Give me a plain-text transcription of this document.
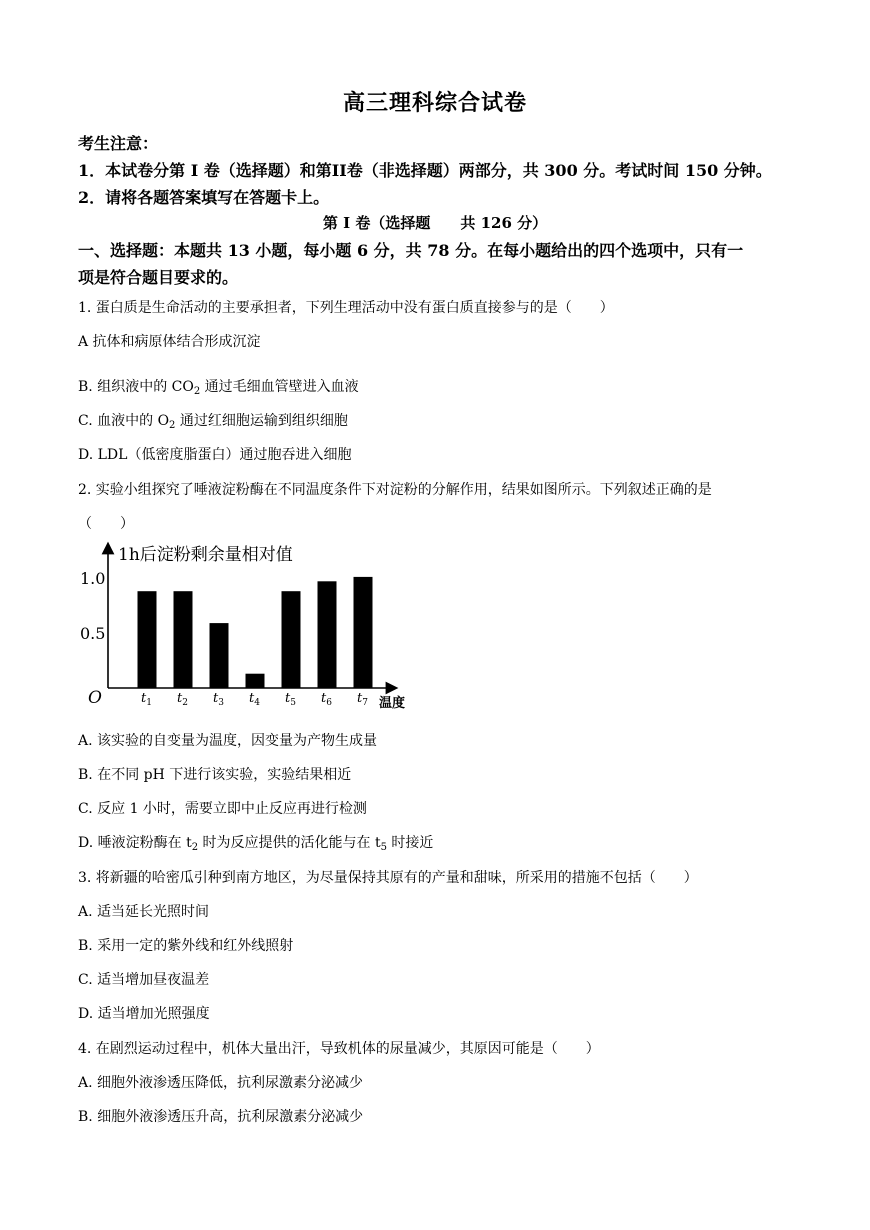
高三理科综合试卷
考生注意：
1．本试卷分第 I 卷（选择题）和第II卷（非选择题）两部分，共 300 分。考试时间 150 分钟。
2．请将各题答案填写在答题卡上。
第 I 卷（选择题　　共 126 分）
一、选择题：本题共 13 小题，每小题 6 分，共 78 分。在每小题给出的四个选项中，只有一
项是符合题目要求的。
1. 蛋白质是生命活动的主要承担者，下列生理活动中没有蛋白质直接参与的是（　　）
A 抗体和病原体结合形成沉淀
B. 组织液中的 $CO_2$ 通过毛细血管壁进入血液
C. 血液中的 $O_2$ 通过红细胞运输到组织细胞
D. LDL（低密度脂蛋白）通过胞吞进入细胞
2. 实验小组探究了唾液淀粉酶在不同温度条件下对淀粉的分解作用，结果如图所示。下列叙述正确的是
（　　）
1h后淀粉剩余量相对值
O	温度
1.0
0.5
$t_1$ $t_2$ $t_3$ $t_4$ $t_5$ $t_6$ $t_7$
A. 该实验的自变量为温度，因变量为产物生成量
B. 在不同 pH 下进行该实验，实验结果相近
C. 反应 1 小时，需要立即中止反应再进行检测
D. 唾液淀粉酶在 $t_2$ 时为反应提供的活化能与在 $t_5$ 时接近
3. 将新疆的哈密瓜引种到南方地区，为尽量保持其原有的产量和甜味，所采用的措施不包括（　　）
A. 适当延长光照时间
B. 采用一定的紫外线和红外线照射
C. 适当增加昼夜温差
D. 适当增加光照强度
4. 在剧烈运动过程中，机体大量出汗，导致机体的尿量减少，其原因可能是（　　）
A. 细胞外液渗透压降低，抗利尿激素分泌减少
B. 细胞外液渗透压升高，抗利尿激素分泌减少
